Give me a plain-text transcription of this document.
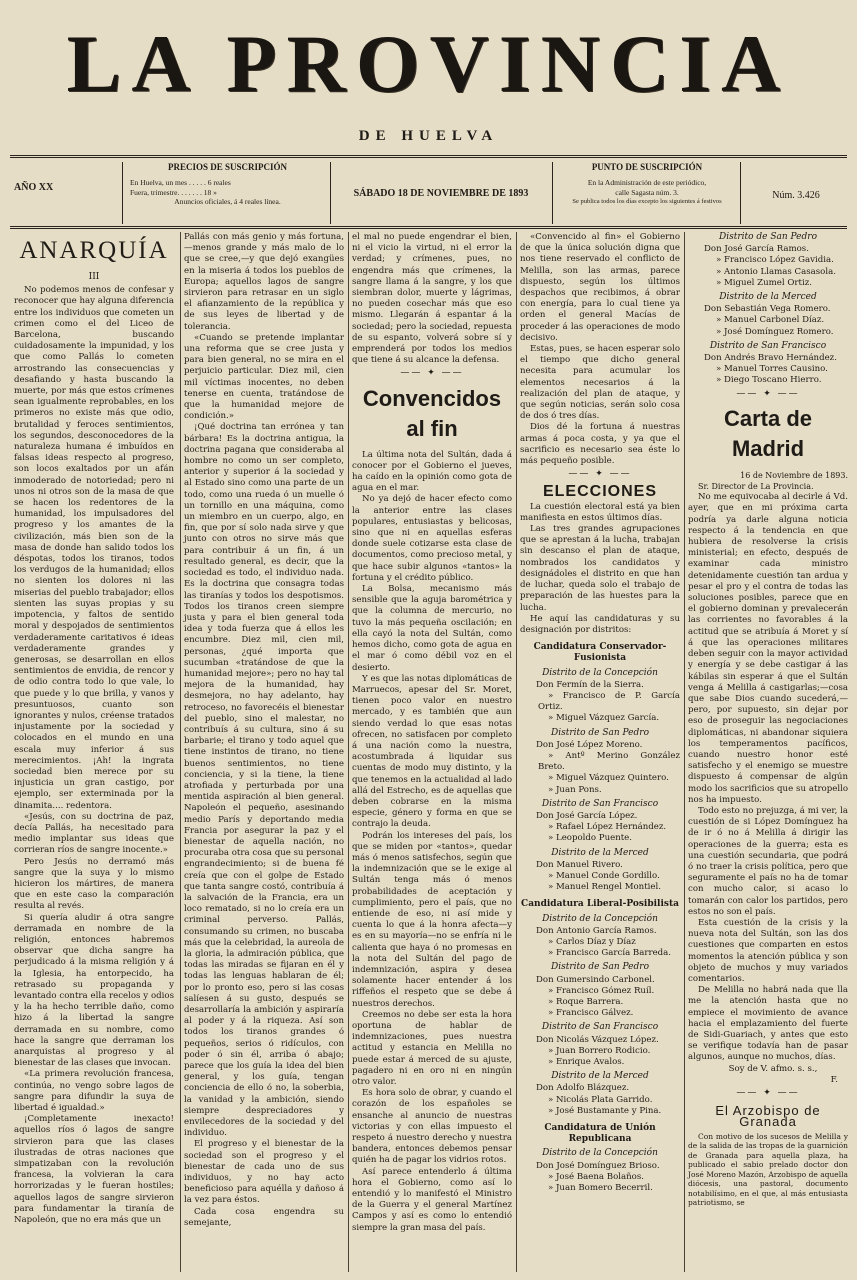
LA PROVINCIA
DE HUELVA
AÑO XX
PRECIOS DE SUSCRIPCIÓN
En Huelva, un mes . . . . . 6 reales
Fuera, trimestre. . . . . . . 18 »
Anuncios oficiales, á 4 reales línea.
SÁBADO 18 DE NOVIEMBRE DE 1893
PUNTO DE SUSCRIPCIÓN
En la Administración de este periódico,
calle Sagasta núm. 3.
Se publica todos los días excepto los siguientes á festivos
Núm. 3.426
ANARQUÍA
III

No podemos menos de confesar y reconocer que hay alguna diferencia entre los individuos que cometen un crimen como el del Liceo de Barcelona, buscando cuidadosamente la impunidad, y los que como Pallás lo cometen arrostrando las consecuencias y desafiando y hasta buscando la muerte, por más que estos crímenes sean igualmente reprobables, en los primeros no existe más que odio, brutalidad y feroces sentimientos, los segundos, desconocedores de la naturaleza humana é imbuídos en falsas ideas respecto al progreso, son locos exaltados por un afán inmoderado de notoriedad; pero ni unos ni otros son de la masa de que se hacen los redentores de la humanidad, los impulsadores del progreso y los amantes de la civilización, más bien son de la masa de donde han salido todos los déspotas, todos los tiranos, todos los verdugos de la humanidad; ellos no sienten los dolores ni las miserias del pueblo trabajador; ellos sienten las suyas propias y su impotencia, y faltos de sentido moral y despojados de sentimientos verdaderamente caritativos é ideas verdaderamente grandes y generosas, se desarrollan en ellos sentimientos de envidia, de rencor y de odio contra todo lo que vale, lo que puede y lo que brilla, y vanos y presuntuosos, cuanto son ignorantes y nulos, créense tratados injustamente por la sociedad y colocados en el mundo en una escala muy inferior á sus merecimientos. ¡Ah! la ingrata sociedad bien merece por su injusticia un gran castigo, por ejemplo, ser exterminada por la dinamita.... redentora.

«Jesús, con su doctrina de paz, decía Pallás, ha necesitado para medio implantar sus ideas que corrieran ríos de sangre inocente.»

Pero Jesús no derramó más sangre que la suya y lo mismo hicieron los mártires, de manera que en este caso la comparación resulta al revés.

Si quería aludir á otra sangre derramada en nombre de la religión, entonces habremos observar que dicha sangre ha perjudicado á la misma religión y á la Iglesia, ha entorpecido, ha retrasado su propaganda y levantado contra ella recelos y odios y la ha hecho terrible daño, como hizo á la libertad la sangre derramada en su nombre, como hace la sangre que derraman los anarquistas al progreso y al bienestar de las clases que invocan.

«La primera revolución francesa, continúa, no vengo sobre lagos de sangre para difundir la suya de libertad é igualdad.»

¡Completamente inexacto! aquellos ríos ó lagos de sangre sirvieron para que las clases ilustradas de otras naciones que simpatizaban con la revolución francesa, la volvieran la cara horrorizadas y le fueran hostiles; aquellos lagos de sangre sirvieron para fundamentar la tiranía de Napoleón, que no era más que un

Pallás con más genio y más fortuna, —menos grande y más malo de lo que se cree,—y que dejó exangües en la miseria á todos los pueblos de Europa; aquellos lagos de sangre sirvieron para retrasar en un siglo el afianzamiento de la república y de sus leyes de libertad y de tolerancia.

«Cuando se pretende implantar una reforma que se cree justa y para bien general, no se mira en el perjuicio particular. Diez mil, cien mil víctimas inocentes, no deben tenerse en cuenta, tratándose de que la humanidad mejore de condición.»

¡Qué doctrina tan errónea y tan bárbara! Es la doctrina antigua, la doctrina pagana que consideraba al hombre no como un ser completo, anterior y superior á la sociedad y al Estado sino como una parte de un todo, como una rueda ó un muelle ó un tornillo en una máquina, como un miembro en un cuerpo, algo, en fin, que por sí solo nada sirve y que junto con otros no sirve más que para contribuir á un fin, á un resultado general, es decir, que la sociedad es todo, el individuo nada. Es la doctrina que consagra todas las tiranías y todos los despotismos. Todos los tiranos creen siempre justa y para el bien general toda idea y toda fuerza que á ellos les encumbre. Diez mil, cien mil, personas, ¿qué importa que sucumban «tratándose de que la humanidad mejore»; pero no hay tal mejora de la humanidad, hay desmejora, no hay adelanto, hay retroceso, no favorecéis el bienestar del pueblo, sino el malestar, no contribuís á su cultura, sino á su barbarie; el tirano y todo aquel que tiene instintos de tirano, no tiene buenos sentimientos, no tiene conciencia, y si la tiene, la tiene atrofiada y perturbada por una mentida aspiración al bien general. Napoleón el pequeño, asesinando medio París y deportando media Francia por asegurar la paz y el bienestar de aquella nación, no procuraba otra cosa que su personal engrandecimiento; si de buena fé creía que con el golpe de Estado que tanta sangre costó, contribuía á la salvación de la Francia, era un loco rematado, si no lo creía era un criminal perverso. Pallás, consumando su crimen, no buscaba más que la celebridad, la aureola de la gloria, la admiración pública, que todas las miradas se fijaran en él y todas las lenguas hablaran de él; por lo pronto eso, pero si las cosas salíesen á su gusto, después se desarrollaría la ambición y aspiraría al poder y á la riqueza. Así son todos los tiranos grandes ó pequeños, serios ó ridículos, con poder ó sin él, arriba ó abajo; parece que los guía la idea del bien general, y los guía, tengan conciencia de ello ó no, la soberbia, la vanidad y la ambición, siendo siempre despreciadores y envilecedores de la sociedad y del individuo.

El progreso y el bienestar de la sociedad son el progreso y el bienestar de cada uno de sus individuos, y no hay acto beneficioso para aquélla y dañoso á la vez para éstos.

Cada cosa engendra su semejante,

el mal no puede engendrar el bien, ni el vicio la virtud, ni el error la verdad; y crímenes, pues, no engendra más que crímenes, la sangre llama á la sangre, y los que siembran dolor, muerte y lágrimas, no pueden cosechar más que eso mismo. Llegarán á espantar á la sociedad; pero la sociedad, repuesta de su espanto, volverá sobre sí y emprenderá por todos los medios que tiene á su alcance la defensa.

—— ✦ ——
Convencidos al fin

La última nota del Sultán, dada á conocer por el Gobierno el jueves, ha caído en la opinión como gota de agua en el mar.

No ya dejó de hacer efecto como la anterior entre las clases populares, entusiastas y belicosas, sino que ni en aquellas esferas donde suele cotizarse esta clase de documentos, como precioso metal, y que hace subir algunos «tantos» la fortuna y el crédito público.

La Bolsa, mecanismo más sensible que la aguja barométrica y que la columna de mercurio, no tuvo la más pequeña oscilación; en ella cayó la nota del Sultán, como hemos dicho, como gota de agua en el mar ó como débil voz en el desierto.

Y es que las notas diplomáticas de Marruecos, apesar del Sr. Moret, tienen poco valor en nuestro mercado, y es también que aun siendo verdad lo que esas notas ofrecen, no satisfacen por completo á una nación como la nuestra, acostumbrada á liquidar sus cuentas de modo muy distinto, y la que tenemos en la actualidad al lado allá del Estrecho, es de aquellas que deben cobrarse en la misma especie, género y forma en que se contrajo la deuda.

Podrán los intereses del país, los que se miden por «tantos», quedar más ó menos satisfechos, según que la indemnización que se le exige al Sultán tenga más ó menos probabilidades de aceptación y cumplimiento, pero el país, que no entiende de eso, ni así mide y cuenta lo que á la honra afecta—y es en su mayoría—no se enfría ni le calienta que haya ó no promesas en la nota del Sultán del pago de indemnización, aspira y desea solamente hacer entender á los riffeños el respeto que se debe á nuestros derechos.

Creemos no debe ser esta la hora oportuna de hablar de indemnizaciones, pues nuestra actitud y estancia en Melilla no puede estar á merced de su ajuste, pagadero ni en oro ni en ningún otro valor.

Es hora solo de obrar, y cuando el corazón de los españoles se ensanche al anuncio de nuestras victorias y con ellas impuesto el respeto á nuestro derecho y nuestra bandera, entonces debemos pensar quién ha de pagar los vidrios rotos.

Así parece entenderlo á última hora el Gobierno, como así lo entendió y lo manifestó el Ministro de la Guerra y el general Martínez Campos y así es como lo entendió siempre la gran masa del país.

«Convencido al fin» el Gobierno de que la única solución digna que nos tiene reservado el conflicto de Melilla, son las armas, parece dispuesto, según los últimos despachos que recibimos, á obrar con energía, para lo cual tiene ya orden el general Macías de proceder á las operaciones de modo decisivo.

Estas, pues, se hacen esperar solo el tiempo que dicho general necesita para acumular los elementos necesarios á la realización del plan de ataque, y que según noticias, serán solo cosa de dos ó tres días.

Dios dé la fortuna á nuestras armas á poca costa, y ya que el sacrificio es necesario sea éste lo más pequeño posible.

—— ✦ ——
ELECCIONES

La cuestión electoral está ya bien manifiesta en estos últimos días.

Las tres grandes agrupaciones que se aprestan á la lucha, trabajan sin descanso el plan de ataque, nombrados los candidatos y designádoles el distrito en que han de luchar, queda solo el trabajo de preparación de las huestes para la lucha.

He aquí las candidaturas y su designación por distritos:

Candidatura Conservador-Fusionista
Distrito de la Concepción

Don Fermín de la Sierra.

» Francisco de P. García Ortiz.

» Miguel Vázquez García.

Distrito de San Pedro

Don José López Moreno.

» Antº Merino González Breto.

» Miguel Vázquez Quintero.

» Juan Pons.

Distrito de San Francisco

Don José García López.

» Rafael López Hernández.

» Leopoldo Puente.

Distrito de la Merced

Don Manuel Rivero.

» Manuel Conde Gordillo.

» Manuel Rengel Montiel.

Candidatura Liberal-Posibilista
Distrito de la Concepción

Don Antonio García Ramos.

» Carlos Díaz y Díaz

» Francisco García Barreda.

Distrito de San Pedro

Don Gumersindo Carbonel.

» Francisco Gómez Ruíl.

» Roque Barrera.

» Francisco Gálvez.

Distrito de San Francisco

Don Nicolás Vázquez López.

» Juan Borrero Rodicio.

» Enrique Avalos.

Distrito de la Merced

Don Adolfo Blázquez.

» Nicolás Plata Garrido.

» José Bustamante y Pina.

Candidatura de Unión Republicana
Distrito de la Concepción

Don José Domínguez Brioso.

» José Baena Bolaños.

» Juan Bomero Becerril.

Distrito de San Pedro

Don José García Ramos.

» Francisco López Gavidia.

» Antonio Llamas Casasola.

» Miguel Zumel Ortiz.

Distrito de la Merced

Don Sebastián Vega Romero.

» Manuel Carbonel Díaz.

» José Domínguez Romero.

Distrito de San Francisco

Don Andrés Bravo Hernández.

» Manuel Torres Causino.

» Diego Toscano Hierro.

—— ✦ ——
Carta de Madrid

16 de Noviembre de 1893.

Sr. Director de La Provincia.

No me equivocaba al decirle á Vd. ayer, que en mi próxima carta podría ya darle alguna noticia respecto á la tendencia en que hubiera de resolverse la crisis ministerial; en efecto, después de examinar cada ministro detenidamente cuestión tan ardua y pesar el pro y el contra de todas las soluciones posibles, parece que en el gobierno dominan y prevalecerán las corrientes no favorables á la actitud que se atribuía á Moret y sí á que las operaciones militares deben seguir con la mayor actividad y energía y se debe castigar á las kábilas sin esperar á que el Sultán venga á Melilla á castigarlas;—cosa que sabe Dios cuando sucederá,—pero, por supuesto, sin dejar por eso de proseguir las negociaciones diplomáticas, ni abandonar siquiera los temperamentos pacíficos, cuando nuestro honor esté satisfecho y el enemigo se muestre dispuesto á compensar de algún modo los sacrificios que su atropello nos ha impuesto.

Todo esto no prejuzga, á mi ver, la cuestión de si López Domínguez ha de ir ó no á Melilla á dirigir las operaciones de la guerra; esta es una cuestión secundaria, que podrá ó no traer la crisis política, pero que seguramente el país no ha de tomar con mucho calor, si acaso lo tomarán con calor los partidos, pero estos no son el país.

Esta cuestión de la crisis y la nueva nota del Sultán, son las dos cuestiones que comparten en estos momentos la atención pública y son objeto de muchos y muy variados comentarios.

De Melilla no habrá nada que lla me la atención hasta que no empiece el movimiento de avance hacia el emplazamiento del fuerte de Sidi-Guariach, y antes que esto se verifique todavía han de pasar algunos, aunque no muchos, días.

Soy de V. afmo. s. s.,

F.

—— ✦ ——
El Arzobispo de Granada

Con motivo de los sucesos de Melilla y de la salida de las tropas de la guarnición de Granada para aquella plaza, ha publicado el sabio prelado doctor don José Moreno Mazón, Arzobispo de aquella diócesis, una pastoral, documento notabilísimo, en el que, al más entusiasta patriotismo, se
